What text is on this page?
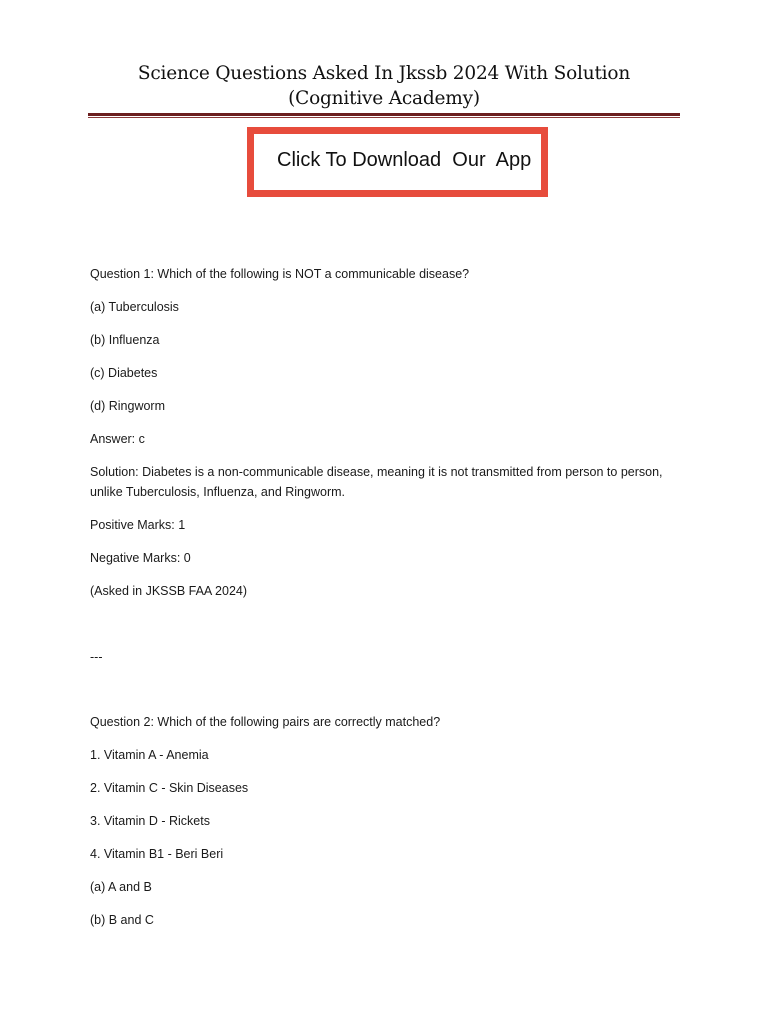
Science Questions Asked In Jkssb 2024 With Solution
(Cognitive Academy)
Click To Download  Our  App
Question 1: Which of the following is NOT a communicable disease?
(a) Tuberculosis
(b) Influenza
(c) Diabetes
(d) Ringworm
Answer: c
Solution: Diabetes is a non-communicable disease, meaning it is not transmitted from person to person, unlike Tuberculosis, Influenza, and Ringworm.
Positive Marks: 1
Negative Marks: 0
(Asked in JKSSB FAA 2024)
---
Question 2: Which of the following pairs are correctly matched?
1. Vitamin A - Anemia
2. Vitamin C - Skin Diseases
3. Vitamin D - Rickets
4. Vitamin B1 - Beri Beri
(a) A and B
(b) B and C
